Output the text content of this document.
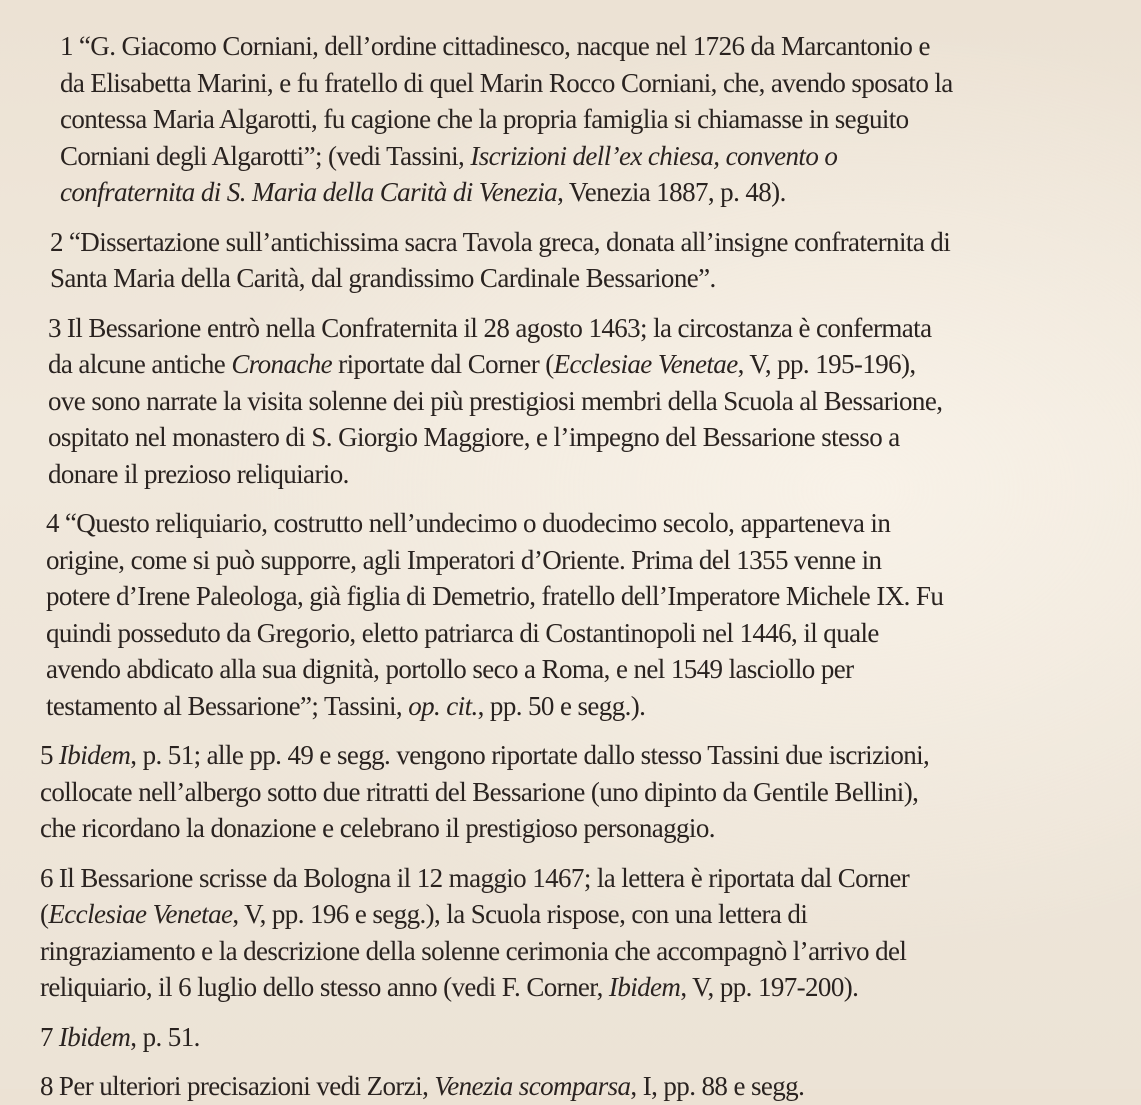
1 “G. Giacomo Corniani, dell’ordine cittadinesco, nacque nel 1726 da Marcantonio e
da Elisabetta Marini, e fu fratello di quel Marin Rocco Corniani, che, avendo sposato la
contessa Maria Algarotti, fu cagione che la propria famiglia si chiamasse in seguito
Corniani degli Algarotti”; (vedi Tassini, Iscrizioni dell’ex chiesa, convento o
confraternita di S. Maria della Carità di Venezia, Venezia 1887, p. 48).
2 “Dissertazione sull’antichissima sacra Tavola greca, donata all’insigne confraternita di
Santa Maria della Carità, dal grandissimo Cardinale Bessarione”.
3 Il Bessarione entrò nella Confraternita il 28 agosto 1463; la circostanza è confermata
da alcune antiche Cronache riportate dal Corner (Ecclesiae Venetae, V, pp. 195-196),
ove sono narrate la visita solenne dei più prestigiosi membri della Scuola al Bessarione,
ospitato nel monastero di S. Giorgio Maggiore, e l’impegno del Bessarione stesso a
donare il prezioso reliquiario.
4 “Questo reliquiario, costrutto nell’undecimo o duodecimo secolo, apparteneva in
origine, come si può supporre, agli Imperatori d’Oriente. Prima del 1355 venne in
potere d’Irene Paleologa, già figlia di Demetrio, fratello dell’Imperatore Michele IX. Fu
quindi posseduto da Gregorio, eletto patriarca di Costantinopoli nel 1446, il quale
avendo abdicato alla sua dignità, portollo seco a Roma, e nel 1549 lasciollo per
testamento al Bessarione”; Tassini, op. cit., pp. 50 e segg.).
5 Ibidem, p. 51; alle pp. 49 e segg. vengono riportate dallo stesso Tassini due iscrizioni,
collocate nell’albergo sotto due ritratti del Bessarione (uno dipinto da Gentile Bellini),
che ricordano la donazione e celebrano il prestigioso personaggio.
6 Il Bessarione scrisse da Bologna il 12 maggio 1467; la lettera è riportata dal Corner
(Ecclesiae Venetae, V, pp. 196 e segg.), la Scuola rispose, con una lettera di
ringraziamento e la descrizione della solenne cerimonia che accompagnò l’arrivo del
reliquiario, il 6 luglio dello stesso anno (vedi F. Corner, Ibidem, V, pp. 197-200).
7 Ibidem, p. 51.
8 Per ulteriori precisazioni vedi Zorzi, Venezia scomparsa, I, pp. 88 e segg.
